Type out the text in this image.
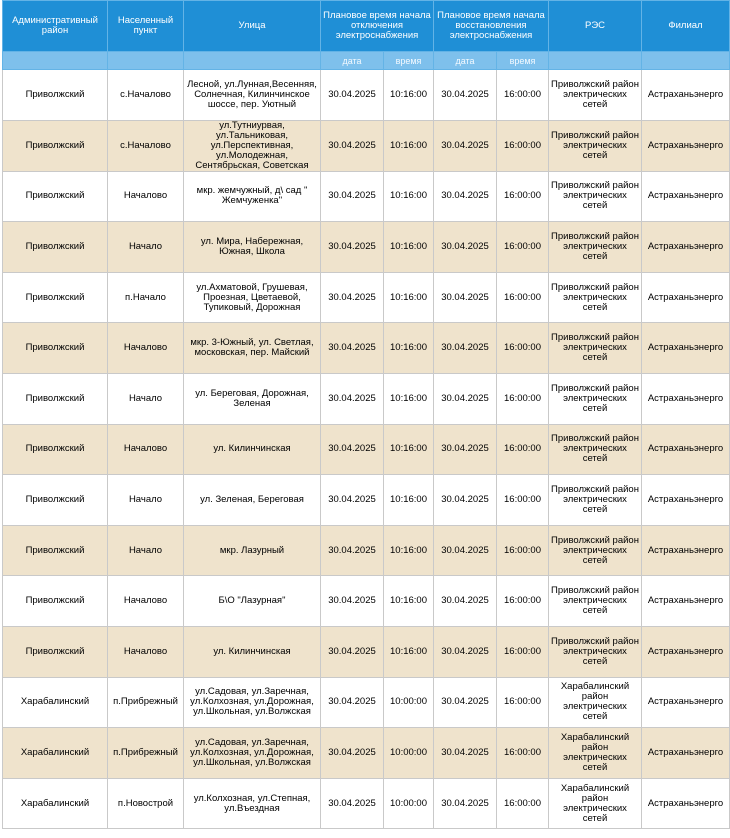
Административный район	Населенный пункт	Улица	Плановое время начала отключения электроснабжения		Плановое время начала восстановления электроснабжения		РЭС	Филиал
			дата	время	дата	время		
Приволжский	с.Началово	Лесной, ул.Лунная,Весенняя, Солнечная, Килинчинское шоссе, пер. Уютный	30.04.2025	10:16:00	30.04.2025	16:00:00	Приволжский район электрических сетей	Астраханьэнерго
Приволжский	с.Началово	ул.Тутниурвая, ул.Тальниковая, ул.Перспективная, ул.Молодежная, Сентябрьская, Советская	30.04.2025	10:16:00	30.04.2025	16:00:00	Приволжский район электрических сетей	Астраханьэнерго
Приволжский	Началово	мкр. жемчужный, д\ сад " Жемчуженка"	30.04.2025	10:16:00	30.04.2025	16:00:00	Приволжский район электрических сетей	Астраханьэнерго
Приволжский	Начало	ул. Мира, Набережная, Южная, Школа	30.04.2025	10:16:00	30.04.2025	16:00:00	Приволжский район электрических сетей	Астраханьэнерго
Приволжский	п.Начало	ул.Ахматовой, Грушевая, Проезная, Цветаевой, Тупиковый, Дорожная	30.04.2025	10:16:00	30.04.2025	16:00:00	Приволжский район электрических сетей	Астраханьэнерго
Приволжский	Началово	мкр. 3-Южный, ул. Светлая, московская, пер. Майский	30.04.2025	10:16:00	30.04.2025	16:00:00	Приволжский район электрических сетей	Астраханьэнерго
Приволжский	Начало	ул. Береговая, Дорожная, Зеленая	30.04.2025	10:16:00	30.04.2025	16:00:00	Приволжский район электрических сетей	Астраханьэнерго
Приволжский	Началово	ул. Килинчинская	30.04.2025	10:16:00	30.04.2025	16:00:00	Приволжский район электрических сетей	Астраханьэнерго
Приволжский	Начало	ул. Зеленая, Береговая	30.04.2025	10:16:00	30.04.2025	16:00:00	Приволжский район электрических сетей	Астраханьэнерго
Приволжский	Начало	мкр. Лазурный	30.04.2025	10:16:00	30.04.2025	16:00:00	Приволжский район электрических сетей	Астраханьэнерго
Приволжский	Началово	Б\О "Лазурная"	30.04.2025	10:16:00	30.04.2025	16:00:00	Приволжский район электрических сетей	Астраханьэнерго
Приволжский	Началово	ул. Килинчинская	30.04.2025	10:16:00	30.04.2025	16:00:00	Приволжский район электрических сетей	Астраханьэнерго
Харабалинский	п.Прибрежный	ул.Садовая, ул.Заречная, ул.Колхозная, ул.Дорожная, ул.Школьная, ул.Волжская	30.04.2025	10:00:00	30.04.2025	16:00:00	Харабалинский район электрических сетей	Астраханьэнерго
Харабалинский	п.Прибрежный	ул.Садовая, ул.Заречная, ул.Колхозная, ул.Дорожная, ул.Школьная, ул.Волжская	30.04.2025	10:00:00	30.04.2025	16:00:00	Харабалинский район электрических сетей	Астраханьэнерго
Харабалинский	п.Новострой	ул.Колхозная, ул.Степная, ул.Въездная	30.04.2025	10:00:00	30.04.2025	16:00:00	Харабалинский район электрических сетей	Астраханьэнерго
